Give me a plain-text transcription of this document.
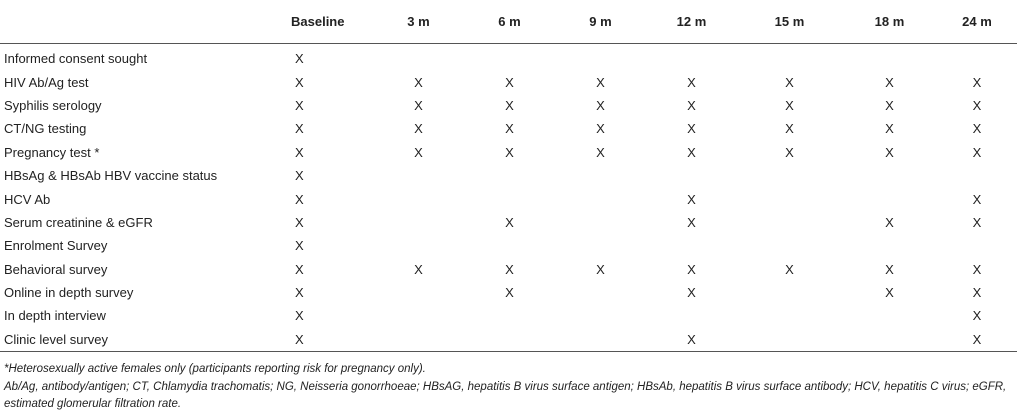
	Baseline	3 m	6 m	9 m	12 m	15 m	18 m	24 m
Informed consent sought	X							
HIV Ab/Ag test	X	X	X	X	X	X	X	X
Syphilis serology	X	X	X	X	X	X	X	X
CT/NG testing	X	X	X	X	X	X	X	X
Pregnancy test *	X	X	X	X	X	X	X	X
HBsAg & HBsAb HBV vaccine status	X							
HCV Ab	X				X			X
Serum creatinine & eGFR	X		X		X		X	X
Enrolment Survey	X							
Behavioral survey	X	X	X	X	X	X	X	X
Online in depth survey	X		X		X		X	X
In depth interview	X							X
Clinic level survey	X				X			X

*Heterosexually active females only (participants reporting risk for pregnancy only).

Ab/Ag, antibody/antigen; CT, Chlamydia trachomatis; NG, Neisseria gonorrhoeae; HBsAG, hepatitis B virus surface antigen; HBsAb, hepatitis B virus surface antibody; HCV, hepatitis C virus; eGFR, estimated glomerular filtration rate.
